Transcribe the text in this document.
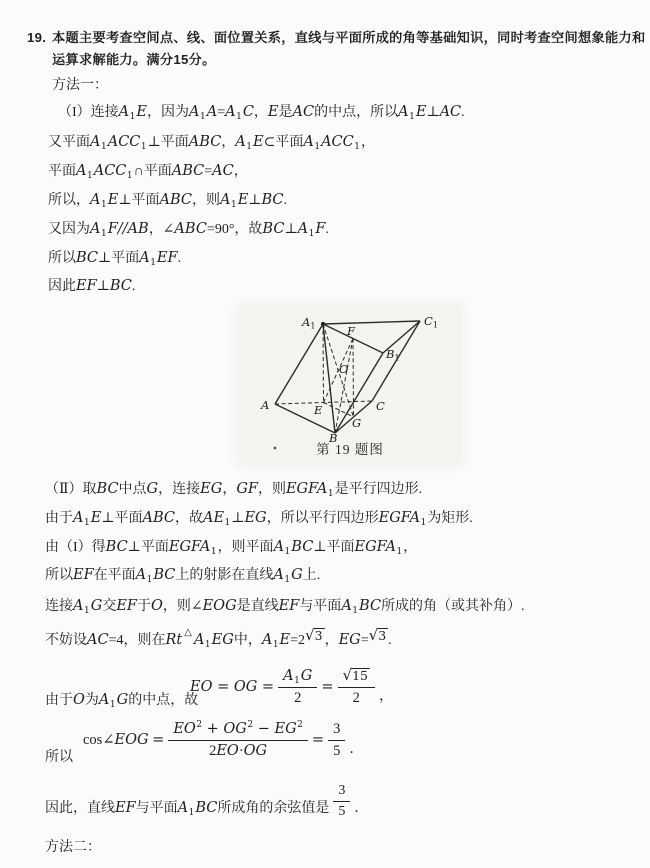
19. 本题主要考查空间点、线、面位置关系，直线与平面所成的角等基础知识，同时考查空间想象能力和
运算求解能力。满分15分。
方法一：
（I）连接$A_1E$，因为$A_1A=A_1C$，E是AC的中点，所以$A_1E\perp AC$.
又平面$A_1ACC_1\perp$平面ABC，$A_1E\subset$平面$A_1ACC_1$，
平面$A_1ACC_1\cap$平面ABC=AC，
所以，$A_1E\perp$平面ABC，则$A_1E\perp BC$.
又因为$A_1F//AB$，∠ABC=90°，故$BC\perp A_1F$.
所以BC⊥平面$A_1EF$.
因此EF⊥BC.
（Ⅱ）取BC中点G，连接EG，GF，则$EGFA_1$是平行四边形.
由于$A_1E\perp$平面ABC，故$AE_1\perp EG$，所以平行四边形$EGFA_1$为矩形.
由（I）得BC⊥平面$EGFA_1$，则平面$A_1BC\perp$平面$EGFA_1$，
所以EF在平面$A_1BC$上的射影在直线$A_1G$上.
连接$A_1G$交EF于O，则∠EOG是直线EF与平面$A_1BC$所成的角（或其补角）.
不妨设AC=4，则在Rt △ $A_1EG$中，$A_1E=2√3$ ，EG=√3 .
由于O为$A_1G$的中点，故
所以
方法二：
$A_1$	$C_1$
F
$B_1$
O
A	E	C
G
B
第 19 题图
EO = OG = $\frac{A_1G}{2} = \frac{√15}{2}$ ，
cos∠EOG = $\frac{EO^2 + OG^2 - EG^2}{2EO\cdot OG} = \frac{3}{5}$ ．
因此，直线EF与平面$A_1BC$所成角的余弦值是 $\frac{3}{5}$ ．
